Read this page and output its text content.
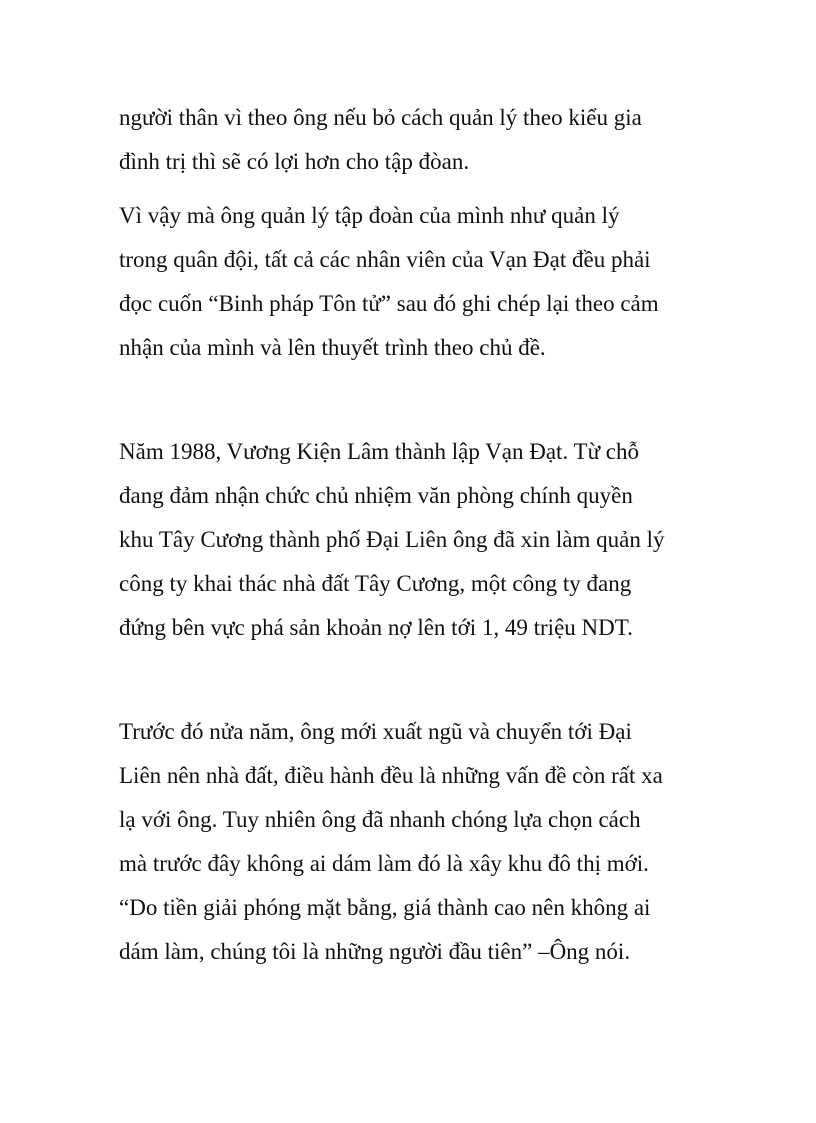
người thân vì theo ông nếu bỏ cách quản lý theo kiểu gia

đình trị thì sẽ có lợi hơn cho tập đòan.

Vì vậy mà ông quản lý tập đoàn của mình như quản lý

trong quân đội, tất cả các nhân viên của Vạn Đạt đều phải

đọc cuốn “Binh pháp Tôn tử” sau đó ghi chép lại theo cảm

nhận của mình và lên thuyết trình theo chủ đề.

Năm 1988, Vương Kiện Lâm thành lập Vạn Đạt. Từ chỗ

đang đảm nhận chức chủ nhiệm văn phòng chính quyền

khu Tây Cương thành phố Đại Liên ông đã xin làm quản lý

công ty khai thác nhà đất Tây Cương, một công ty đang

đứng bên vực phá sản khoản nợ lên tới 1, 49 triệu NDT.

Trước đó nửa năm, ông mới xuất ngũ và chuyển tới Đại

Liên nên nhà đất, điều hành đều là những vấn đề còn rất xa

lạ với ông. Tuy nhiên ông đã nhanh chóng lựa chọn cách

mà trước đây không ai dám làm đó là xây khu đô thị mới.

“Do tiền giải phóng mặt bằng, giá thành cao nên không ai

dám làm, chúng tôi là những người đầu tiên” –Ông nói.
